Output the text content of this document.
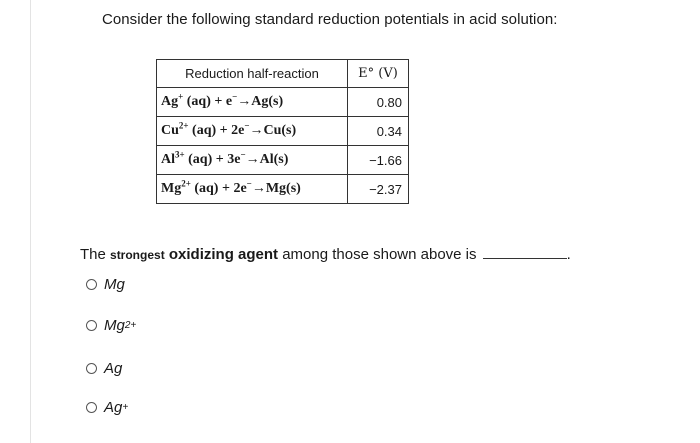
Consider the following standard reduction potentials in acid solution:
Reduction half-reaction	E° (V)
Ag+ (aq) + e−→Ag(s)	0.80
$Cu^{2+}$ (aq) + 2e−→Cu(s)	0.34
$Al^{3+}$ (aq) + 3e−→Al(s)	−1.66
$Mg^{2+}$ (aq) + 2e−→Mg(s)	−2.37
The strongest oxidizing agent among those shown above is	.
Mg
Mg 2+
Ag
Ag +
